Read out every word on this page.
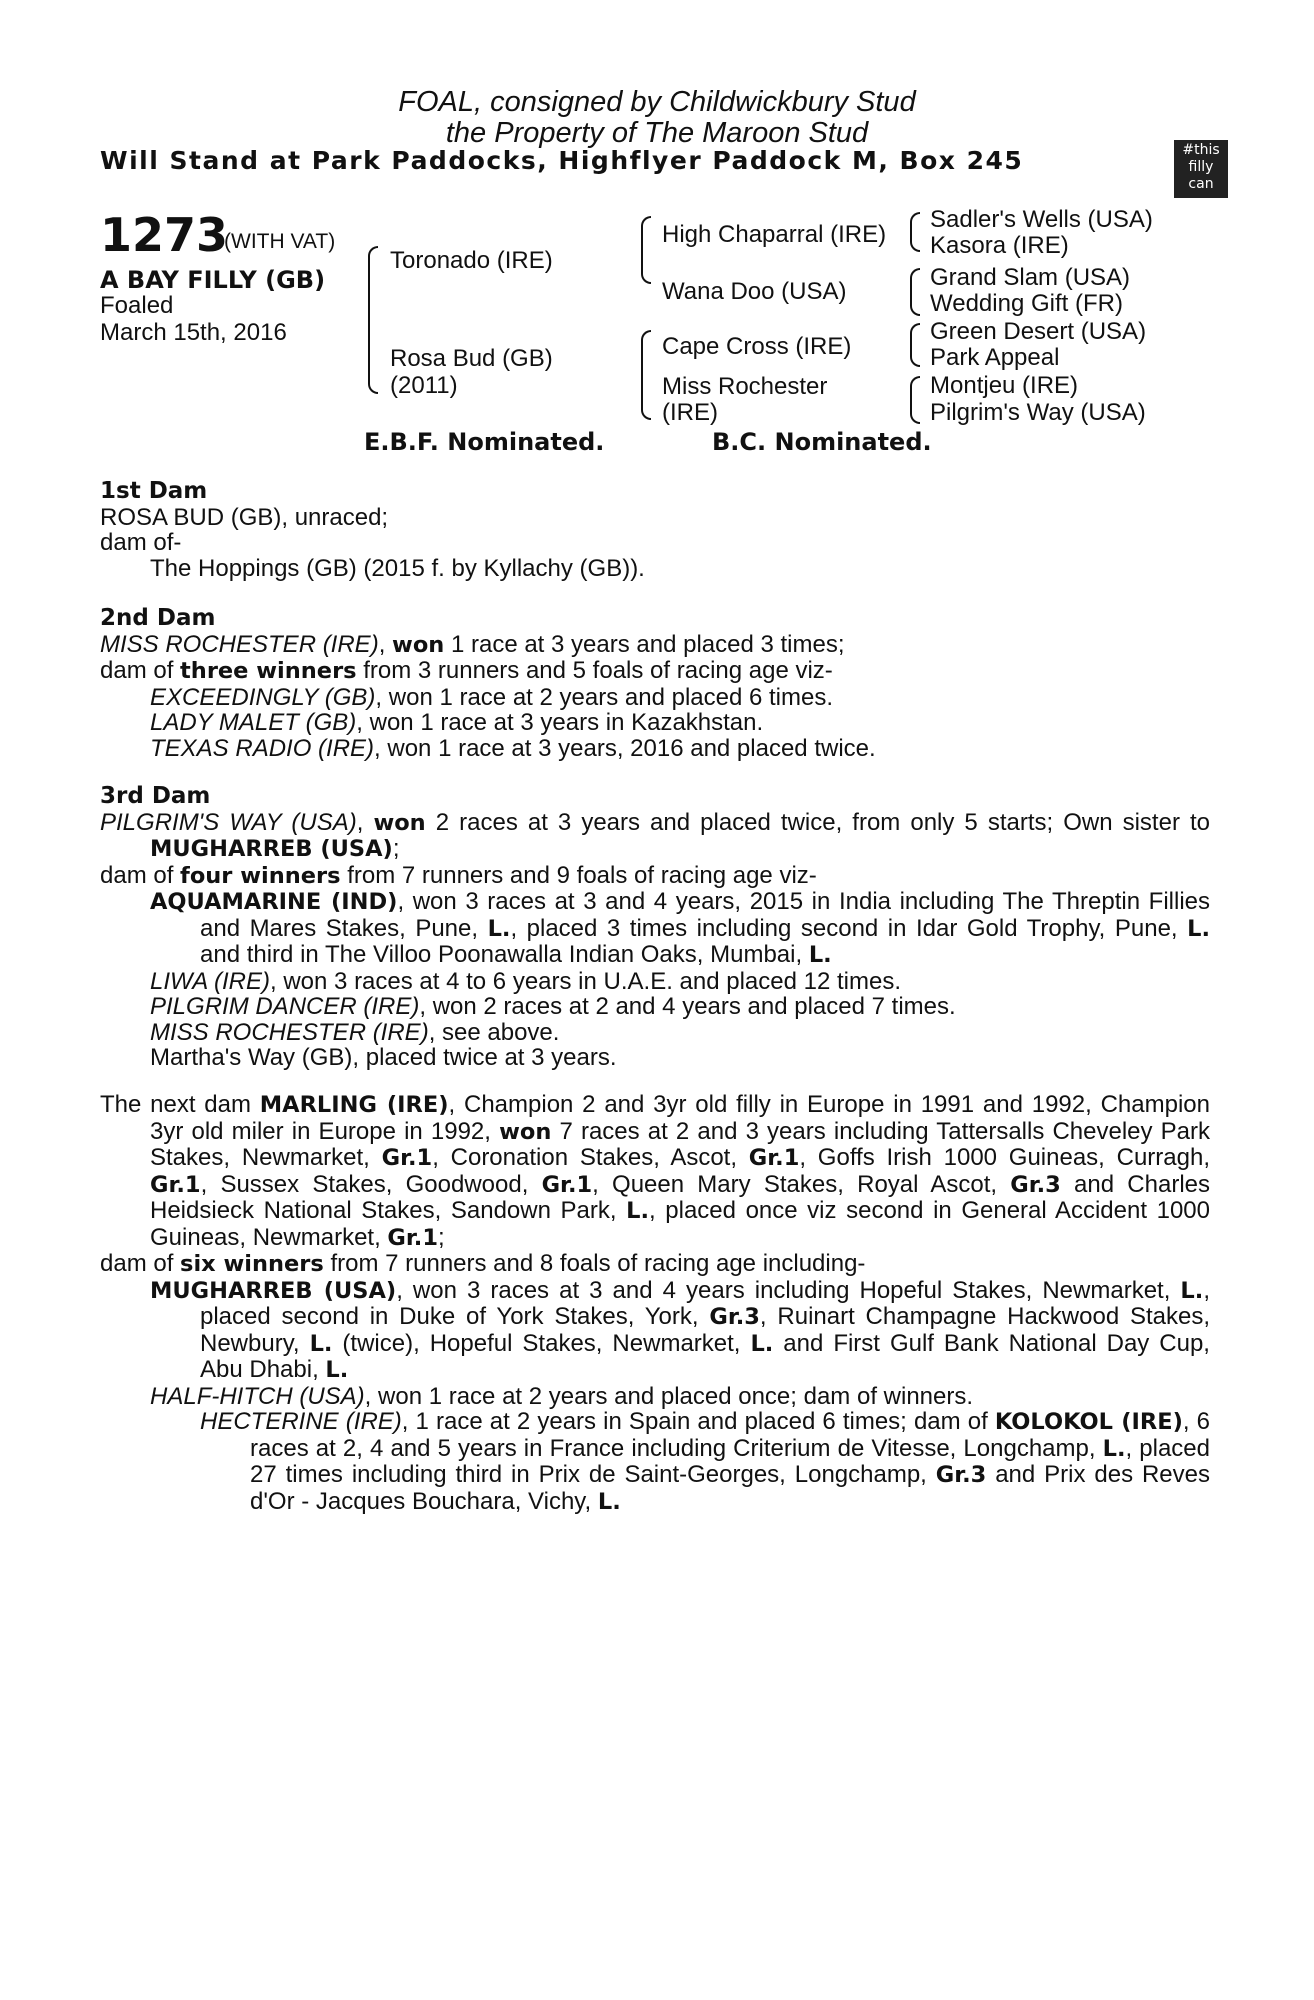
FOAL, consigned by Childwickbury Stud
the Property of The Maroon Stud
Will Stand at Park Paddocks, Highflyer Paddock M, Box 245	#this
filly
can
1273
(WITH VAT)
A BAY FILLY (GB)
Foaled
March 15th, 2016
Toronado (IRE)
Rosa Bud (GB)
(2011)
High Chaparral (IRE)
Wana Doo (USA)
Cape Cross (IRE)
Miss Rochester
(IRE)
Sadler's Wells (USA)
Kasora (IRE)
Grand Slam (USA)
Wedding Gift (FR)
Green Desert (USA)
Park Appeal
Montjeu (IRE)
Pilgrim's Way (USA)
E.B.F. Nominated.	B.C. Nominated.

1st Dam

ROSA BUD (GB), unraced;

dam of-

The Hoppings (GB) (2015 f. by Kyllachy (GB)).

2nd Dam

MISS ROCHESTER (IRE), won 1 race at 3 years and placed 3 times;

dam of three winners from 3 runners and 5 foals of racing age viz-

EXCEEDINGLY (GB), won 1 race at 2 years and placed 6 times.

LADY MALET (GB), won 1 race at 3 years in Kazakhstan.

TEXAS RADIO (IRE), won 1 race at 3 years, 2016 and placed twice.

3rd Dam

PILGRIM'S WAY (USA), won 2 races at 3 years and placed twice, from only 5 starts; Own sister to MUGHARREB (USA);

dam of four winners from 7 runners and 9 foals of racing age viz-

AQUAMARINE (IND), won 3 races at 3 and 4 years, 2015 in India including The Threptin Fillies and Mares Stakes, Pune, L., placed 3 times including second in Idar Gold Trophy, Pune, L. and third in The Villoo Poonawalla Indian Oaks, Mumbai, L.

LIWA (IRE), won 3 races at 4 to 6 years in U.A.E. and placed 12 times.

PILGRIM DANCER (IRE), won 2 races at 2 and 4 years and placed 7 times.

MISS ROCHESTER (IRE), see above.

Martha's Way (GB), placed twice at 3 years.

The next dam MARLING (IRE), Champion 2 and 3yr old filly in Europe in 1991 and 1992, Champion 3yr old miler in Europe in 1992, won 7 races at 2 and 3 years including Tattersalls Cheveley Park Stakes, Newmarket, Gr.1, Coronation Stakes, Ascot, Gr.1, Goffs Irish 1000 Guineas, Curragh, Gr.1, Sussex Stakes, Goodwood, Gr.1, Queen Mary Stakes, Royal Ascot, Gr.3 and Charles Heidsieck National Stakes, Sandown Park, L., placed once viz second in General Accident 1000 Guineas, Newmarket, Gr.1;

dam of six winners from 7 runners and 8 foals of racing age including-

MUGHARREB (USA), won 3 races at 3 and 4 years including Hopeful Stakes, Newmarket, L., placed second in Duke of York Stakes, York, Gr.3, Ruinart Champagne Hackwood Stakes, Newbury, L. (twice), Hopeful Stakes, Newmarket, L. and First Gulf Bank National Day Cup, Abu Dhabi, L.

HALF-HITCH (USA), won 1 race at 2 years and placed once; dam of winners.

HECTERINE (IRE), 1 race at 2 years in Spain and placed 6 times; dam of KOLOKOL (IRE), 6 races at 2, 4 and 5 years in France including Criterium de Vitesse, Longchamp, L., placed 27 times including third in Prix de Saint-Georges, Longchamp, Gr.3 and Prix des Reves d'Or - Jacques Bouchara, Vichy, L.
